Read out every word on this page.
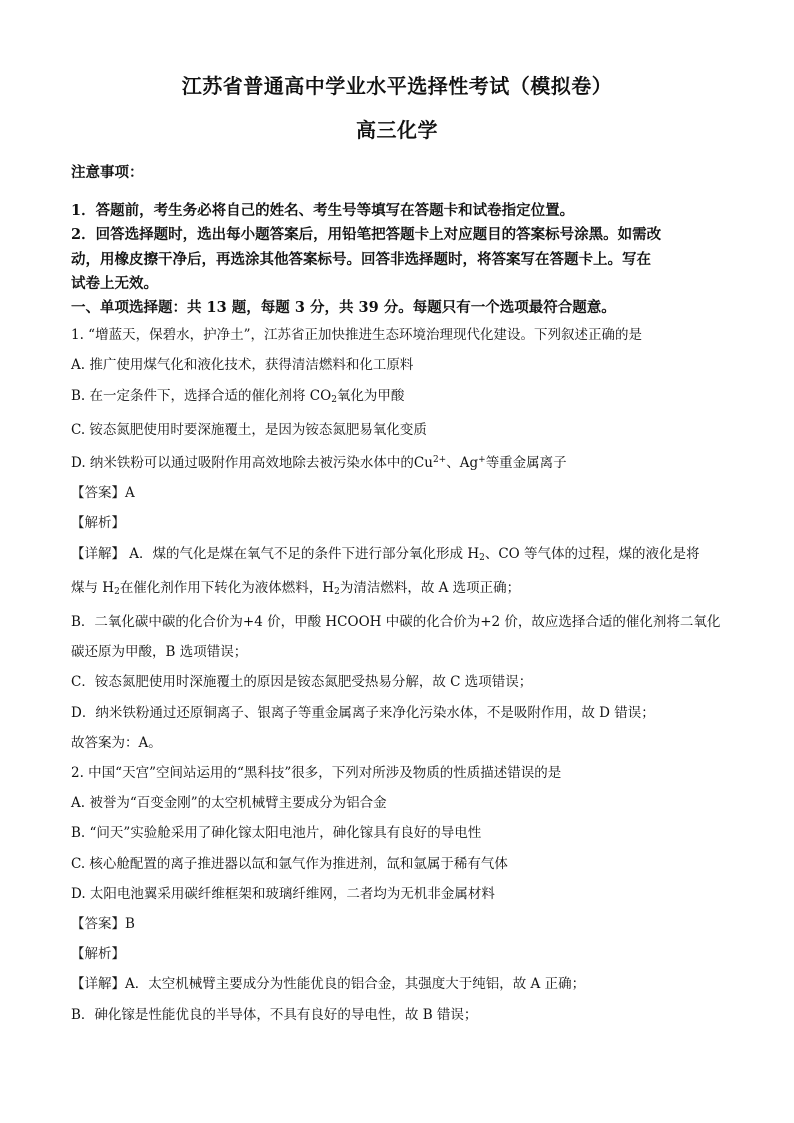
江苏省普通高中学业水平选择性考试（模拟卷）
高三化学

注意事项：

1．答题前，考生务必将自己的姓名、考生号等填写在答题卡和试卷指定位置。

2．回答选择题时，选出每小题答案后，用铅笔把答题卡上对应题目的答案标号涂黑。如需改

动，用橡皮擦干净后，再选涂其他答案标号。回答非选择题时，将答案写在答题卡上。写在

试卷上无效。

一、单项选择题：共 13 题，每题 3 分，共 39 分。每题只有一个选项最符合题意。

1. “增蓝天，保碧水，护净土”，江苏省正加快推进生态环境治理现代化建设。下列叙述正确的是

A. 推广使用煤气化和液化技术，获得清洁燃料和化工原料

B. 在一定条件下，选择合适的催化剂将 $CO_2$氧化为甲酸

C. 铵态氮肥使用时要深施覆土，是因为铵态氮肥易氧化变质

D. 纳米铁粉可以通过吸附作用高效地除去被污染水体中的$Cu^{2+}$、Ag+等重金属离子

【答案】A

【解析】

【详解】 A．煤的气化是煤在氧气不足的条件下进行部分氧化形成 $H_2$、CO 等气体的过程，煤的液化是将

煤与 $H_2$在催化剂作用下转化为液体燃料，$H_2$为清洁燃料，故 A 选项正确；

B．二氧化碳中碳的化合价为+4 价，甲酸 HCOOH 中碳的化合价为+2 价，故应选择合适的催化剂将二氧化

碳还原为甲酸，B 选项错误；

C．铵态氮肥使用时深施覆土的原因是铵态氮肥受热易分解，故 C 选项错误；

D．纳米铁粉通过还原铜离子、银离子等重金属离子来净化污染水体，不是吸附作用，故 D 错误；

故答案为：A。

2. 中国“天宫”空间站运用的“黑科技”很多，下列对所涉及物质的性质描述错误的是

A. 被誉为“百变金刚”的太空机械臂主要成分为铝合金

B. “问天”实验舱采用了砷化镓太阳电池片，砷化镓具有良好的导电性

C. 核心舱配置的离子推进器以氙和氩气作为推进剂，氙和氩属于稀有气体

D. 太阳电池翼采用碳纤维框架和玻璃纤维网，二者均为无机非金属材料

【答案】B

【解析】

【详解】A．太空机械臂主要成分为性能优良的铝合金，其强度大于纯铝，故 A 正确；

B．砷化镓是性能优良的半导体，不具有良好的导电性，故 B 错误；
